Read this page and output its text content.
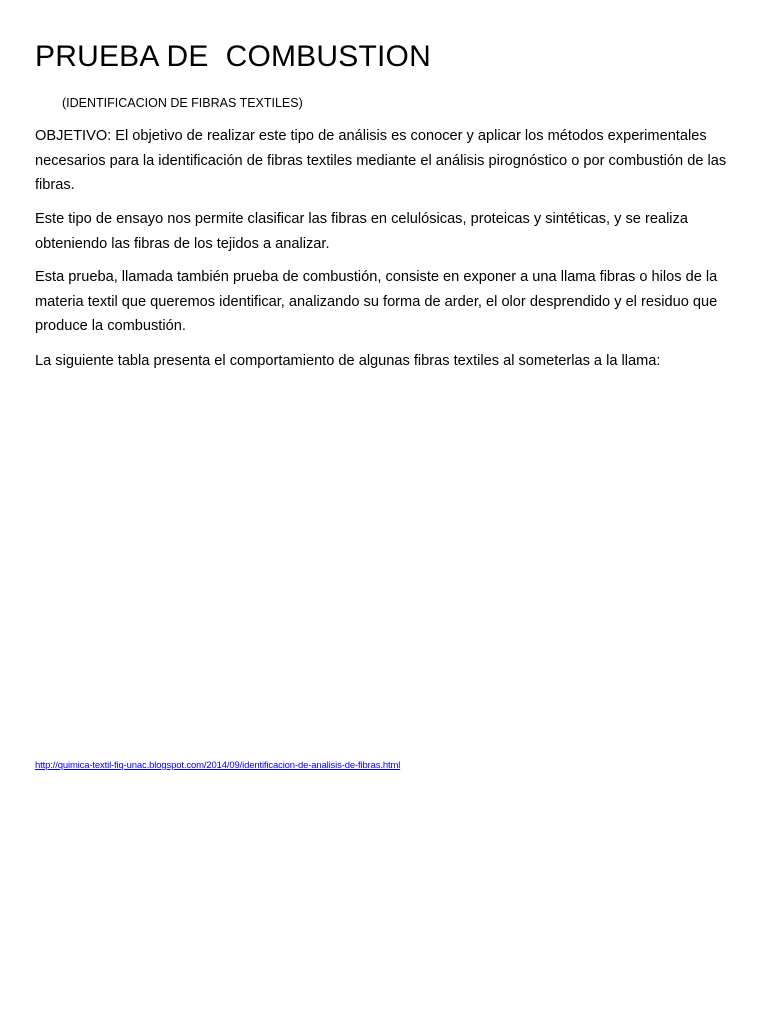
PRUEBA DE  COMBUSTION

(IDENTIFICACION DE FIBRAS TEXTILES)

OBJETIVO: El objetivo de realizar este tipo de análisis es conocer y aplicar los métodos experimentales necesarios para la identificación de fibras textiles mediante el análisis pirognóstico o por combustión de las fibras.

Este tipo de ensayo nos permite clasificar las fibras en celulósicas, proteicas y sintéticas, y se realiza obteniendo las fibras de los tejidos a analizar.

Esta prueba, llamada también prueba de combustión, consiste en exponer a una llama fibras o hilos de la materia textil que queremos identificar, analizando su forma de arder, el olor desprendido y el residuo que produce la combustión.

La siguiente tabla presenta el comportamiento de algunas fibras textiles al someterlas a la llama:

http://quimica-textil-fiq-unac.blogspot.com/2014/09/identificacion-de-analisis-de-fibras.html
